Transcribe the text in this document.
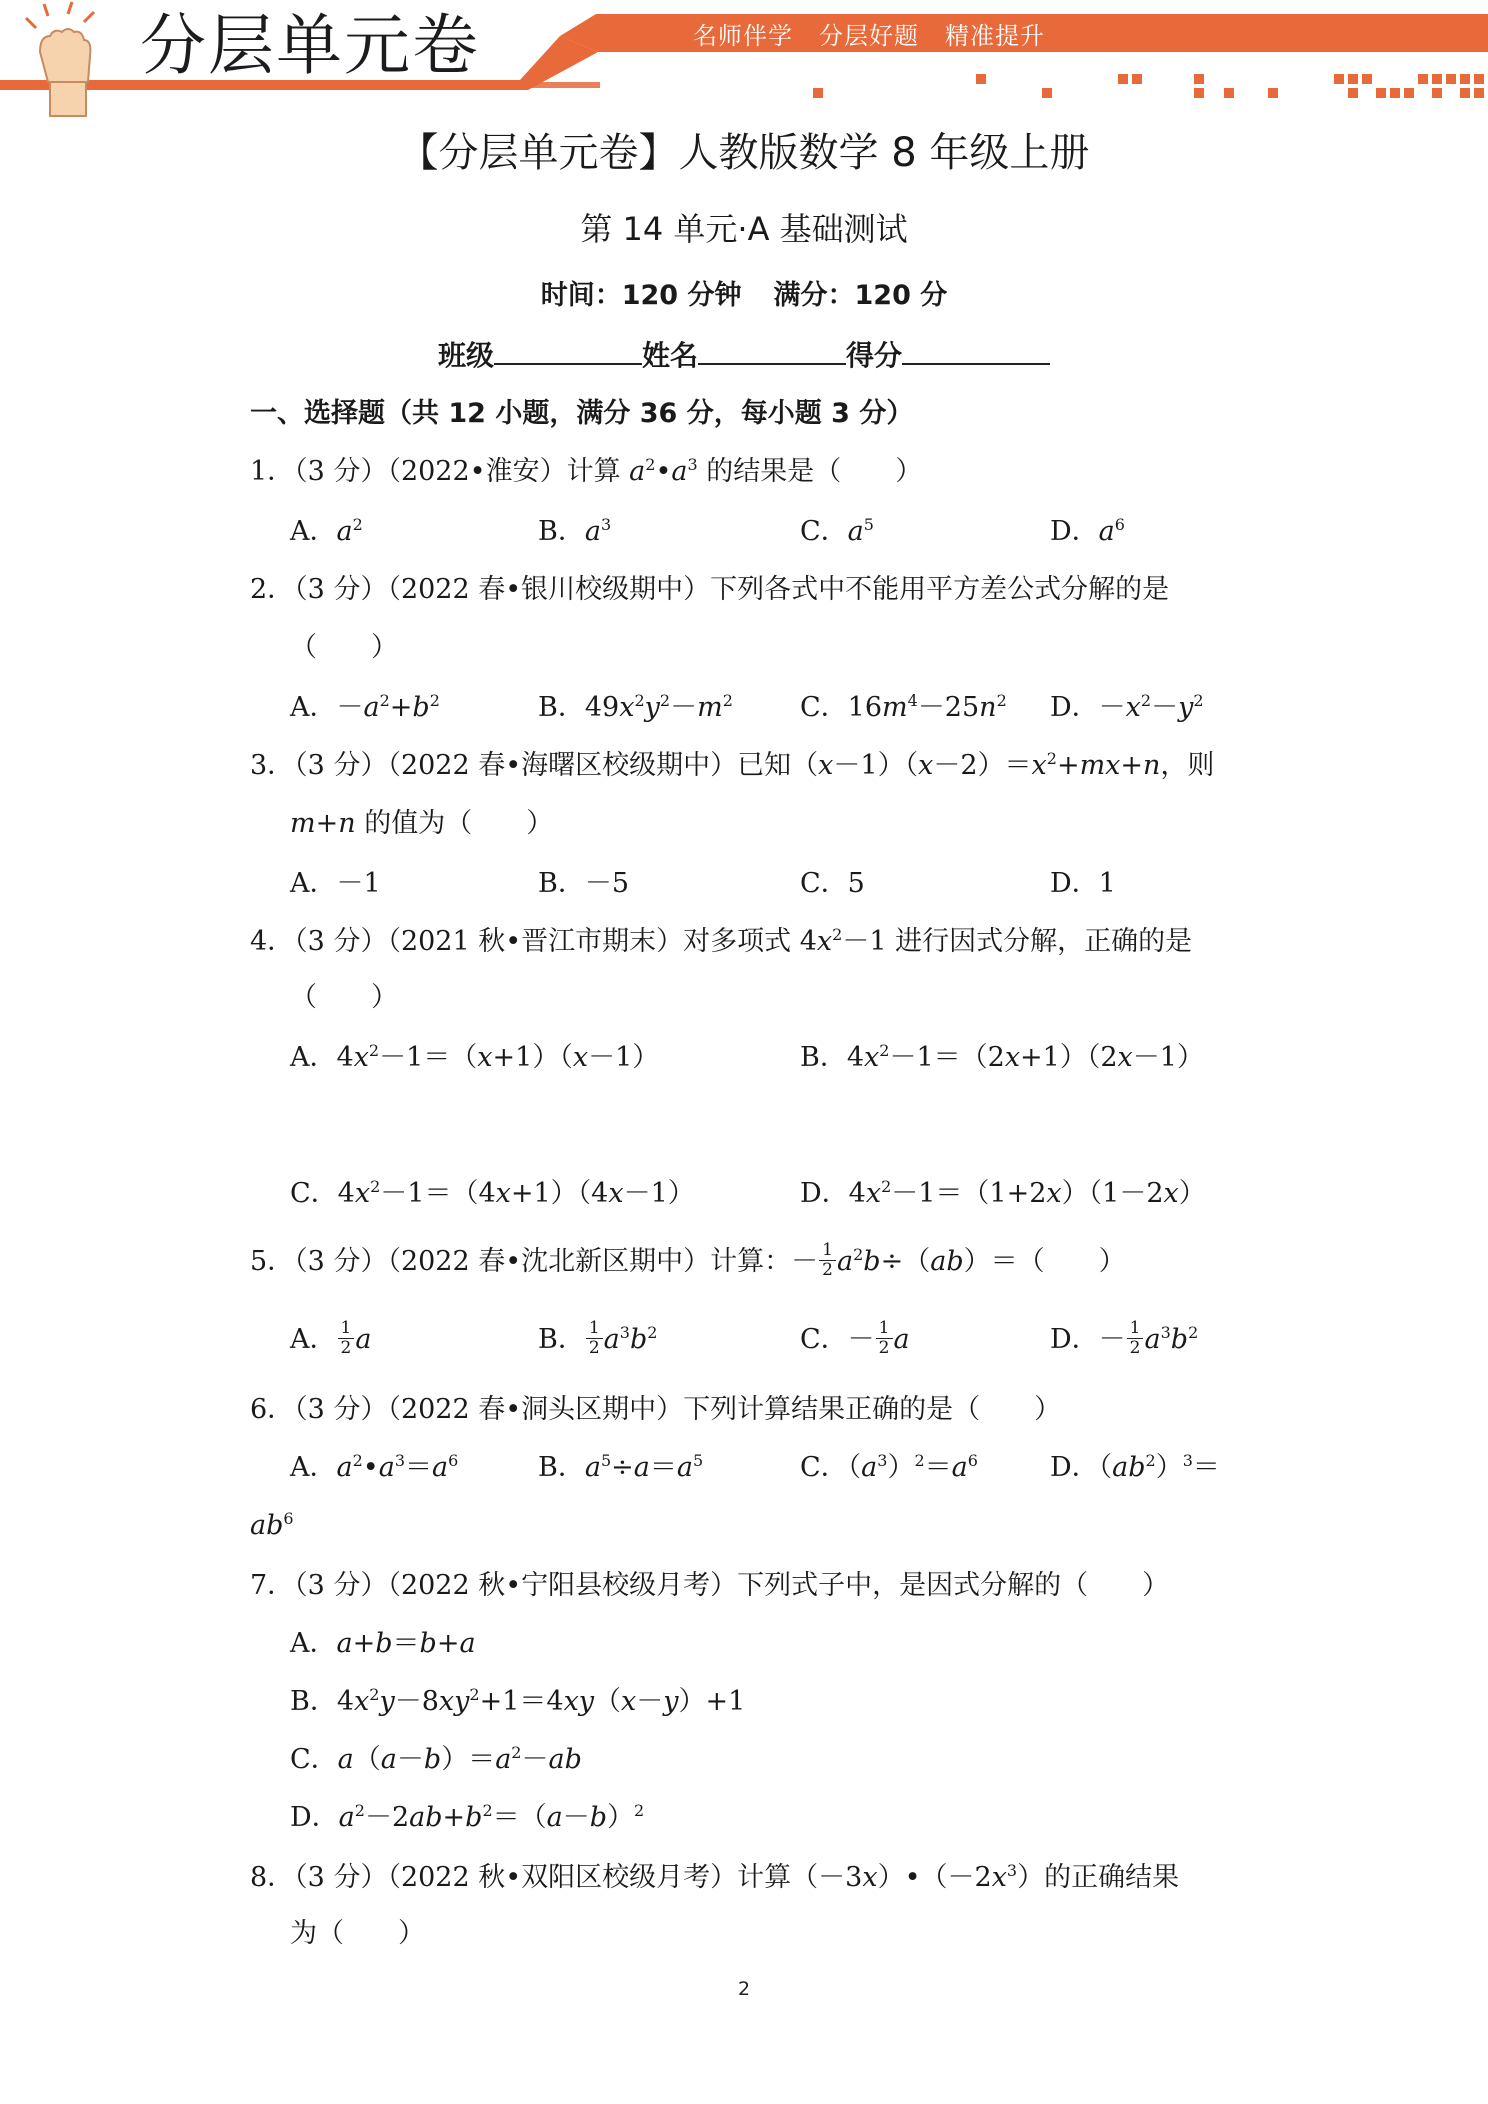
分层单元卷	名师伴学 分层好题 精准提升
【分层单元卷】人教版数学 8 年级上册
第 14 单元·A 基础测试
时间：120 分钟 满分：120 分
班级	姓名	得分
一、选择题（共 12 小题，满分 36 分，每小题 3 分）
1．（3 分）（2022•淮安）计算 $a^2•a^3$ 的结果是（　　）
A．$a^2$	B．$a^3$	C．$a^5$	D．$a^6$
2．（3 分）（2022 春•银川校级期中）下列各式中不能用平方差公式分解的是
（　　）
A．$-a^2+b^2$	B．$49x^2y^2-m^2$ C．$16m^4-25n^2$ D．$-x^2-y^2$
3．（3 分）（2022 春•海曙区校级期中）已知$(x-1)(x-2)=x^2+mx+n$，则
m+n 的值为（　　）
A．－1	B．－5	C．5	D．1
4．（3 分）（2021 秋•晋江市期末）对多项式 $4x^2-1$ 进行因式分解，正确的是
（　　）
A．$4x^2-1=(x+1)(x-1)$	B．$4x^2-1=(2x+1)(2x-1)$
C．$4x^2-1=(4x+1)(4x-1)$	D．$4x^2-1=(1+2x)(1-2x)$
5．（3 分）（2022 春•沈北新区期中）计算：－ $\frac{1}{2} a^2b\div(ab)=$（　　）
A． $\frac{1}{2}$ a	B． $\frac{1}{2} a^3b^2$	C．－ $\frac{1}{2}$ a	D．－ $\frac{1}{2} a^3b^2$
6．（3 分）（2022 春•洞头区期中）下列计算结果正确的是（　　）
A．$a^2•a^3=a^6$	B．$a^5\div a=a^5$	C．$(a^3)^2=a^6$	D．$(ab^2)^3=$
$ab^6$
7．（3 分）（2022 秋•宁阳县校级月考）下列式子中，是因式分解的（　　）
A．a+b＝b+a
B．$4x^2y-8xy^2+1=4xy(x-y)+1$
C．$a(a-b)=a^2-ab$
D．$a^2-2ab+b^2=(a-b)^2$
8．（3 分）（2022 秋•双阳区校级月考）计算$(-3x)•(-2x^3)$的正确结果
为（　　）
2
